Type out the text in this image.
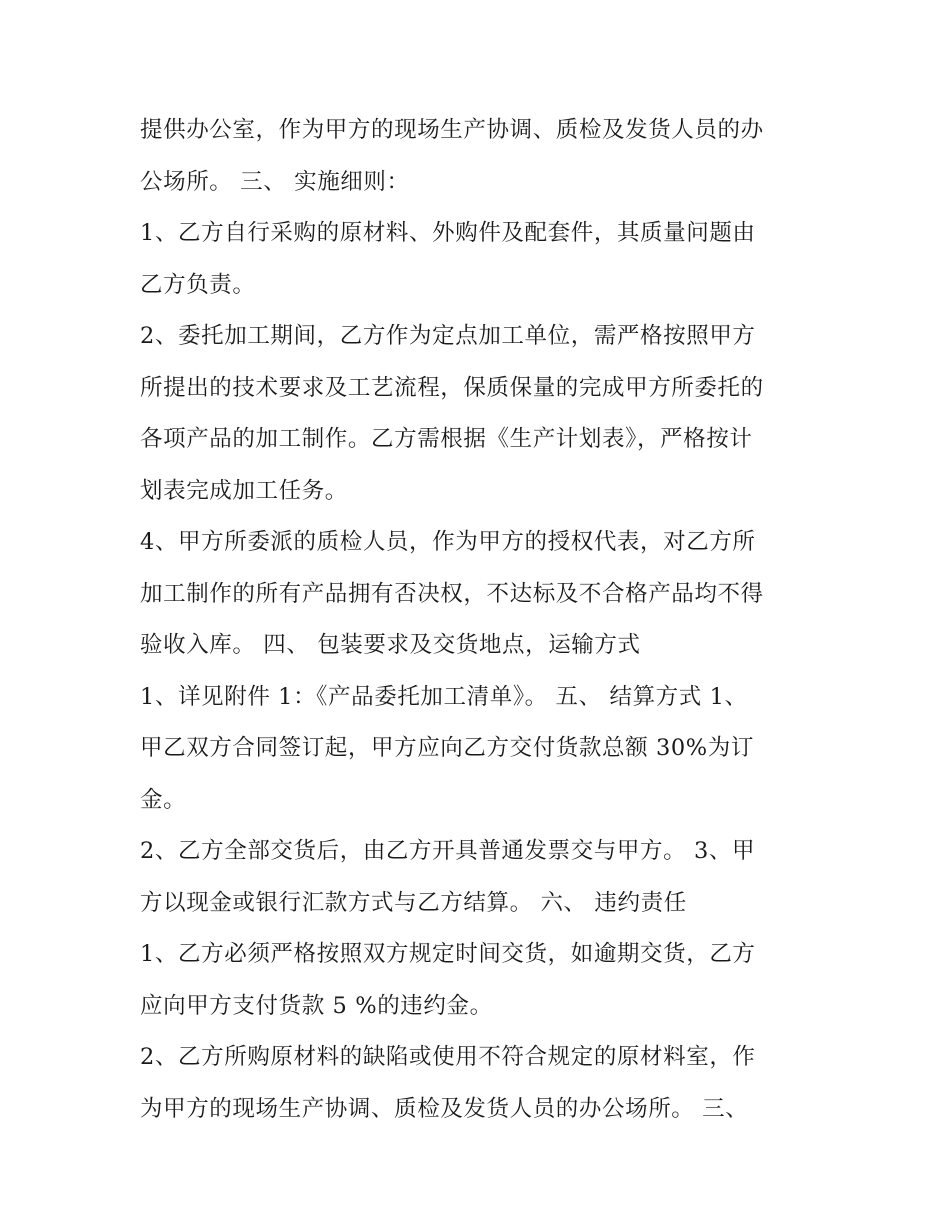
提供办公室，作为甲方的现场生产协调、质检及发货人员的办

公场所。 三、 实施细则：

1、乙方自行采购的原材料、外购件及配套件，其质量问题由

乙方负责。

2、委托加工期间，乙方作为定点加工单位，需严格按照甲方

所提出的技术要求及工艺流程，保质保量的完成甲方所委托的

各项产品的加工制作。乙方需根据《生产计划表》，严格按计

划表完成加工任务。

4、甲方所委派的质检人员，作为甲方的授权代表，对乙方所

加工制作的所有产品拥有否决权，不达标及不合格产品均不得

验收入库。 四、 包装要求及交货地点，运输方式

1、详见附件 1：《产品委托加工清单》。 五、 结算方式 1、

甲乙双方合同签订起，甲方应向乙方交付货款总额 30%为订

金。

2、乙方全部交货后，由乙方开具普通发票交与甲方。 3、甲

方以现金或银行汇款方式与乙方结算。 六、 违约责任

1、乙方必须严格按照双方规定时间交货，如逾期交货，乙方

应向甲方支付货款 5 %的违约金。

2、乙方所购原材料的缺陷或使用不符合规定的原材料室，作

为甲方的现场生产协调、质检及发货人员的办公场所。 三、
